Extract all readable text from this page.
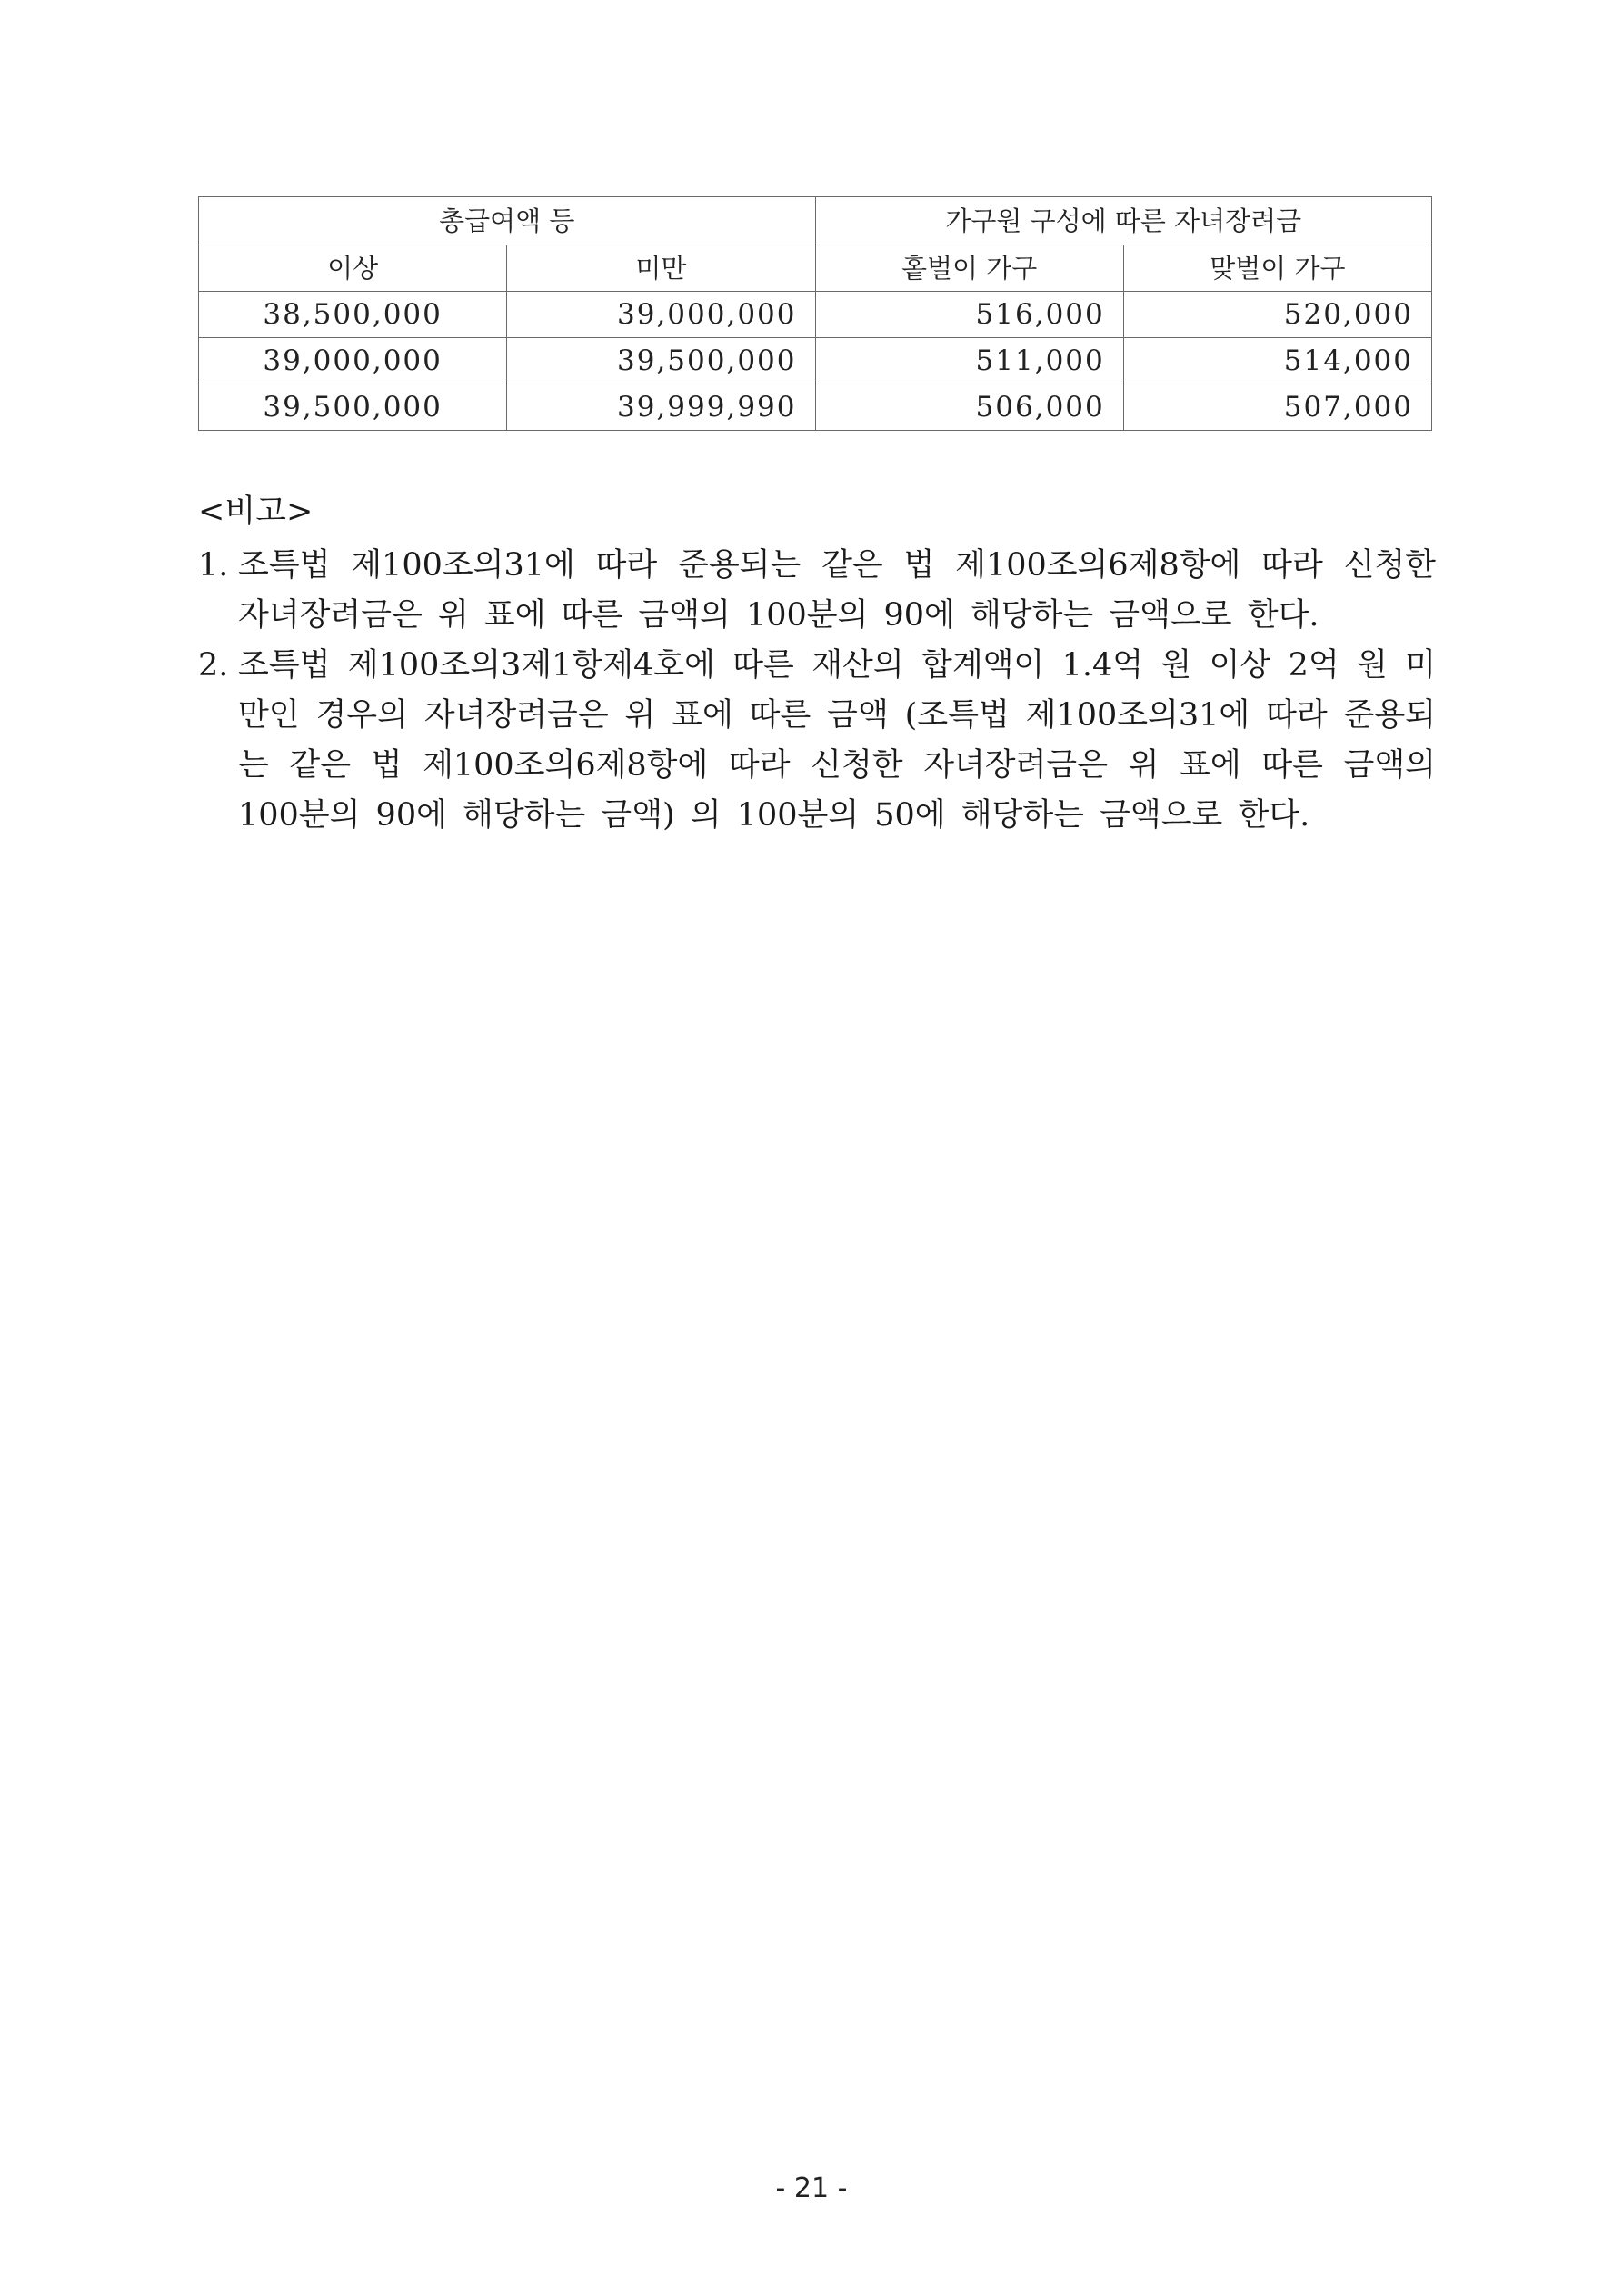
총급여액 등		가구원 구성에 따른 자녀장려금	
이상	미만	홑벌이 가구	맞벌이 가구
38,500,000	39,000,000	516,000	520,000
39,000,000	39,500,000	511,000	514,000
39,500,000	39,999,990	506,000	507,000
<비고>
1. 조특법 제100조의31에 따라 준용되는 같은 법 제100조의6제8항에 따라 신청한 자녀장려금은 위 표에 따른 금액의 100분의 90에 해당하는 금액으로 한다.
2. 조특법 제100조의3제1항제4호에 따른 재산의 합계액이 1.4억 원 이상 2억 원 미만인 경우의 자녀장려금은 위 표에 따른 금액 (조특법 제100조의31에 따라 준용되는 같은 법 제100조의6제8항에 따라 신청한 자녀장려금은 위 표에 따른 금액의 100분의 90에 해당하는 금액) 의 100분의 50에 해당하는 금액으로 한다.
- 21 -
